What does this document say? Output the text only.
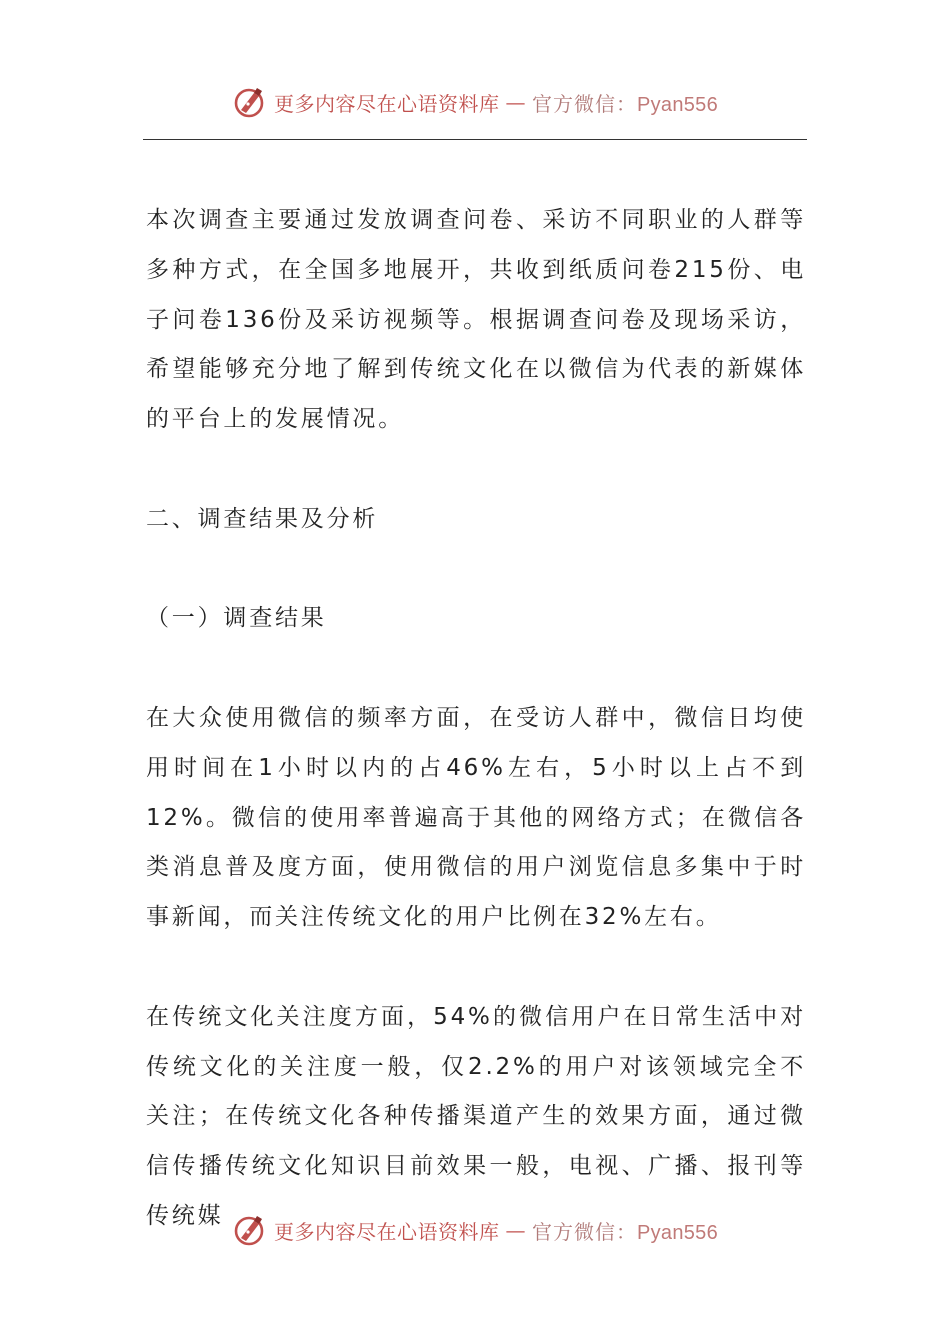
更多内容尽在心语资料库 — 官方微信：Pyan556

本次调查主要通过发放调查问卷、采访不同职业的人群等多种方式，在全国多地展开，共收到纸质问卷215份、电子问卷136份及采访视频等。根据调查问卷及现场采访，希望能够充分地了解到传统文化在以微信为代表的新媒体的平台上的发展情况。

二、调查结果及分析

（一）调查结果

在大众使用微信的频率方面，在受访人群中，微信日均使用时间在1小时以内的占46%左右，5小时以上占不到12%。微信的使用率普遍高于其他的网络方式；在微信各类消息普及度方面，使用微信的用户浏览信息多集中于时事新闻，而关注传统文化的用户比例在32%左右。

在传统文化关注度方面，54%的微信用户在日常生活中对传统文化的关注度一般，仅2.2%的用户对该领域完全不关注；在传统文化各种传播渠道产生的效果方面，通过微信传播传统文化知识目前效果一般，电视、广播、报刊等传统媒

更多内容尽在心语资料库 — 官方微信：Pyan556
